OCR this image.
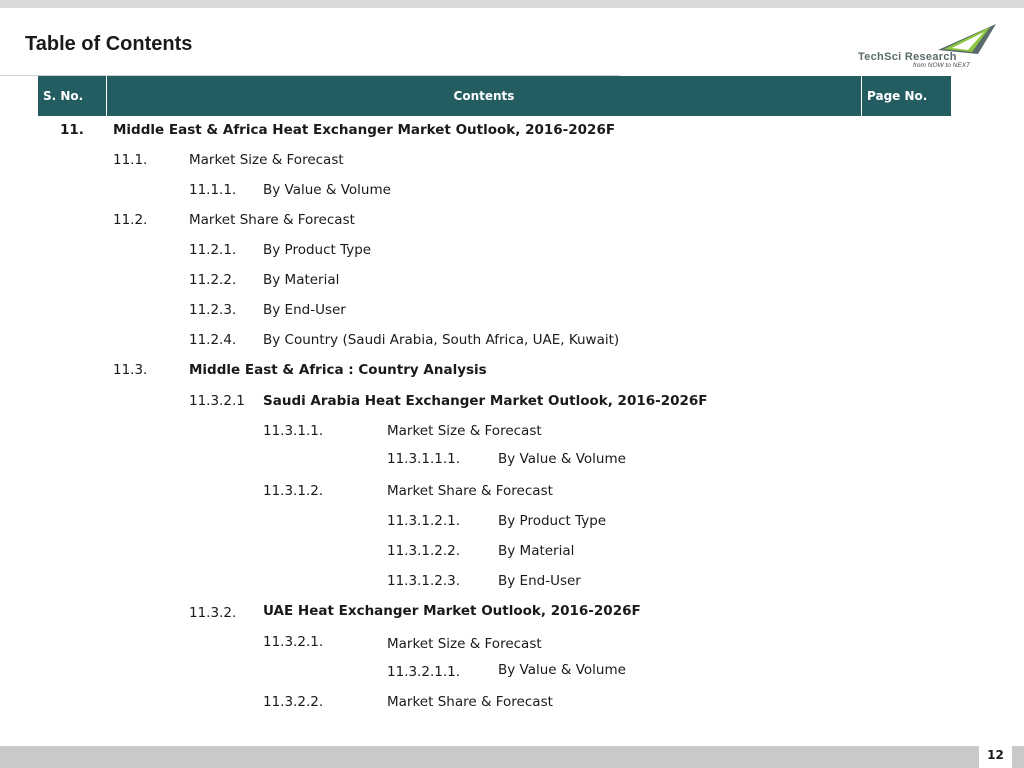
Table of Contents
TechSci Research
from NOW to NEXT
S. No.	Contents	Page No.
11. Middle East & Africa Heat Exchanger Market Outlook, 2016-2026F
11.1.	Market Size & Forecast
11.1.1. By Value & Volume
11.2.	Market Share & Forecast
11.2.1. By Product Type
11.2.2. By Material
11.2.3. By End-User
11.2.4. By Country (Saudi Arabia, South Africa, UAE, Kuwait)
11.3.	Middle East & Africa : Country Analysis
11.3.2.1 Saudi Arabia Heat Exchanger Market Outlook, 2016-2026F
11.3.1.1.	Market Size & Forecast
11.3.1.1.1.	By Value & Volume
11.3.1.2.	Market Share & Forecast
11.3.1.2.1.	By Product Type
11.3.1.2.2.	By Material
11.3.1.2.3.	By End-User
11.3.2. UAE Heat Exchanger Market Outlook, 2016-2026F
11.3.2.1.	Market Size & Forecast
11.3.2.1.1.	By Value & Volume
11.3.2.2.	Market Share & Forecast
12
